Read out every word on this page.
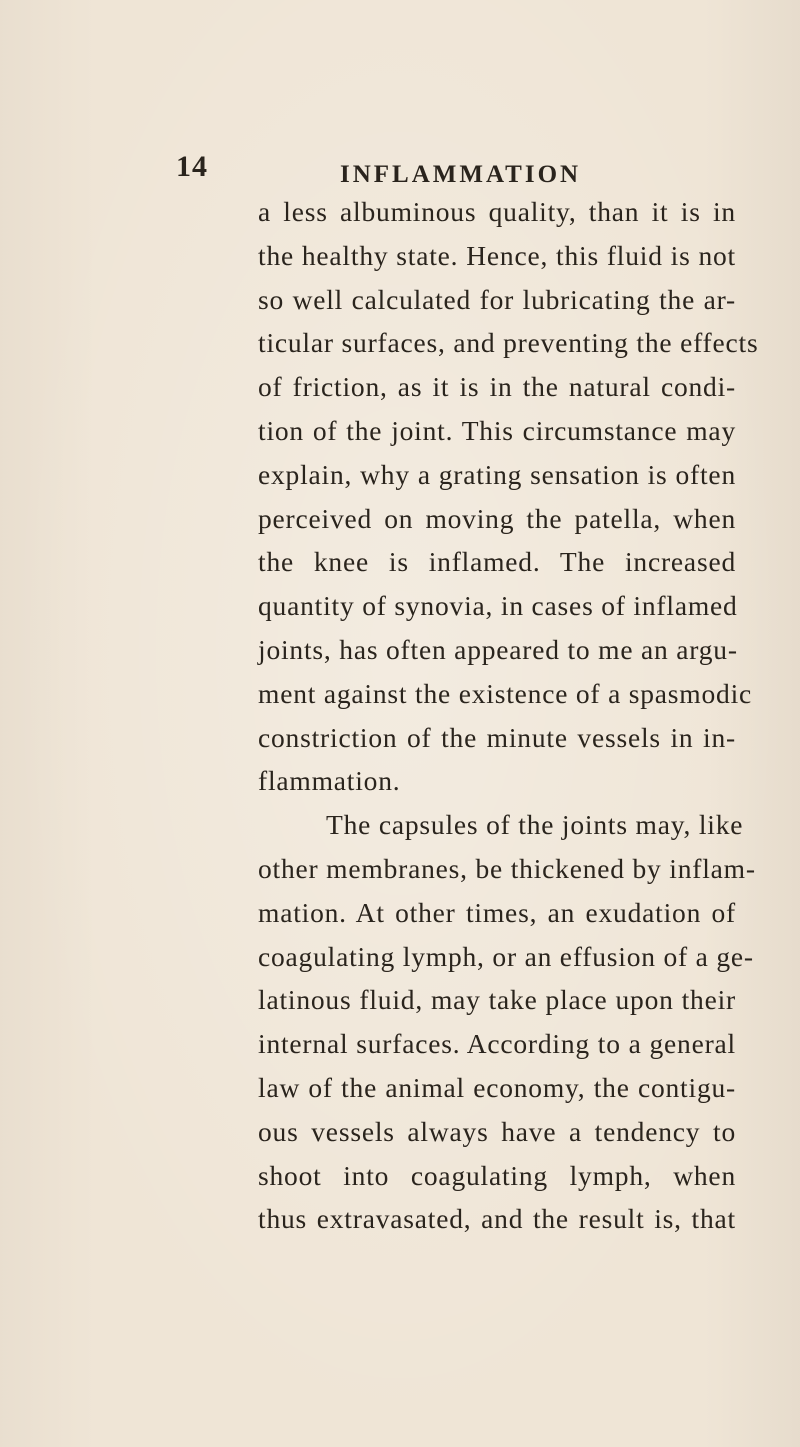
14	INFLAMMATION
a less albuminous quality, than it is in
the healthy state. Hence, this fluid is not
so well calculated for lubricating the ar-
ticular surfaces, and preventing the effects
of friction, as it is in the natural condi-
tion of the joint. This circumstance may
explain, why a grating sensation is often
perceived on moving the patella, when
the knee is inflamed. The increased
quantity of synovia, in cases of inflamed
joints, has often appeared to me an argu-
ment against the existence of a spasmodic
constriction of the minute vessels in in-
flammation.
The capsules of the joints may, like
other membranes, be thickened by inflam-
mation. At other times, an exudation of
coagulating lymph, or an effusion of a ge-
latinous fluid, may take place upon their
internal surfaces. According to a general
law of the animal economy, the contigu-
ous vessels always have a tendency to
shoot into coagulating lymph, when
thus extravasated, and the result is, that
